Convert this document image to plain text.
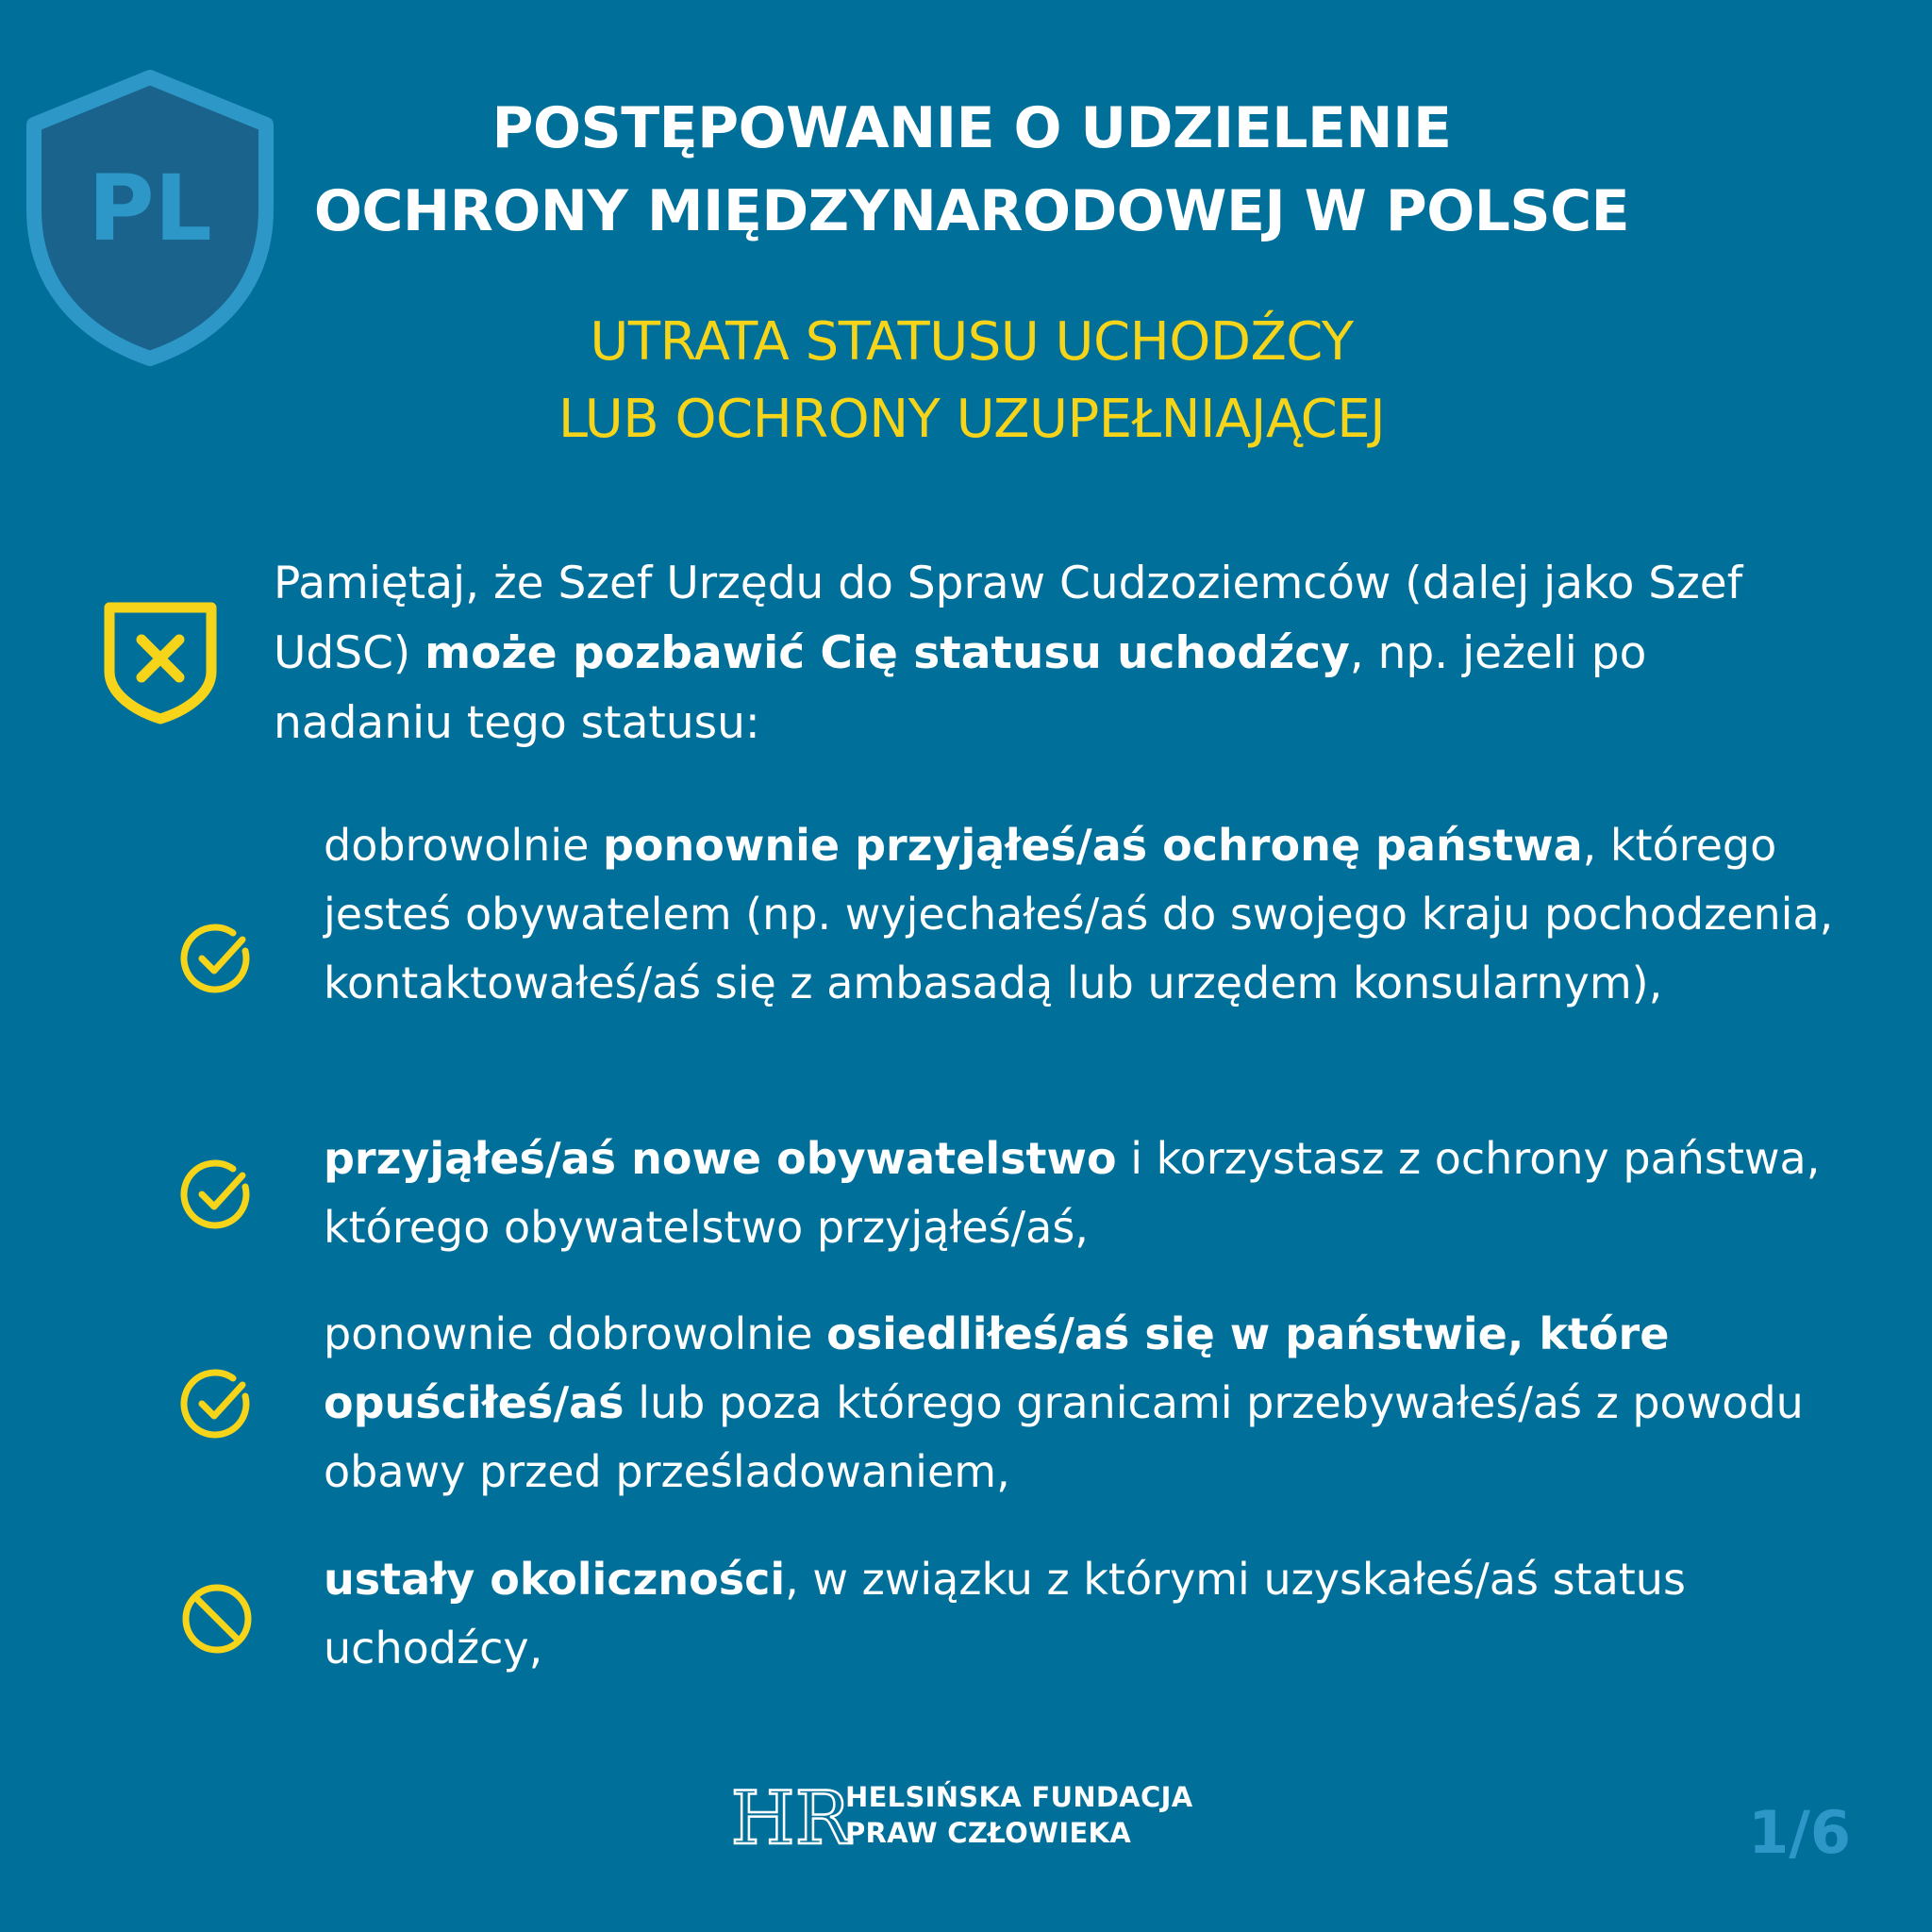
PL
POSTĘPOWANIE O UDZIELENIE
OCHRONY MIĘDZYNARODOWEJ W POLSCE
UTRATA STATUSU UCHODŹCY
LUB OCHRONY UZUPEŁNIAJĄCEJ
Pamiętaj, że Szef Urzędu do Spraw Cudzoziemców (dalej jako Szef UdSC) może pozbawić Cię statusu uchodźcy, np. jeżeli po nadaniu tego statusu:
dobrowolnie ponownie przyjąłeś/aś ochronę państwa, którego jesteś obywatelem (np. wyjechałeś/aś do swojego kraju pochodzenia, kontaktowałeś/aś się z ambasadą lub urzędem konsularnym),
przyjąłeś/aś nowe obywatelstwo i korzystasz z ochrony państwa, którego obywatelstwo przyjąłeś/aś,
ponownie dobrowolnie osiedliłeś/aś się w państwie, które opuściłeś/aś lub poza którego granicami przebywałeś/aś z powodu obawy przed prześladowaniem,
ustały okoliczności, w związku z którymi uzyskałeś/aś status uchodźcy,
HR
HELSIŃSKA FUNDACJA
PRAW CZŁOWIEKA	1/6
